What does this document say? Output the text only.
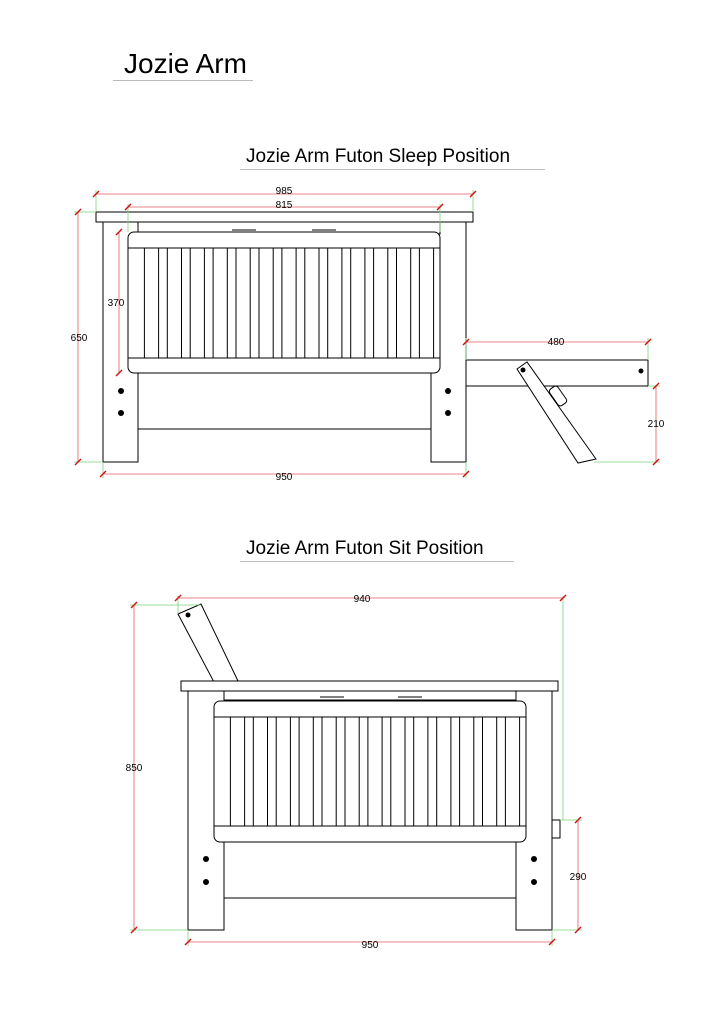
Jozie Arm
Jozie Arm Futon Sleep Position
Jozie Arm Futon Sit Position
985
815
650
370
950
480
210
940
850
290
950
